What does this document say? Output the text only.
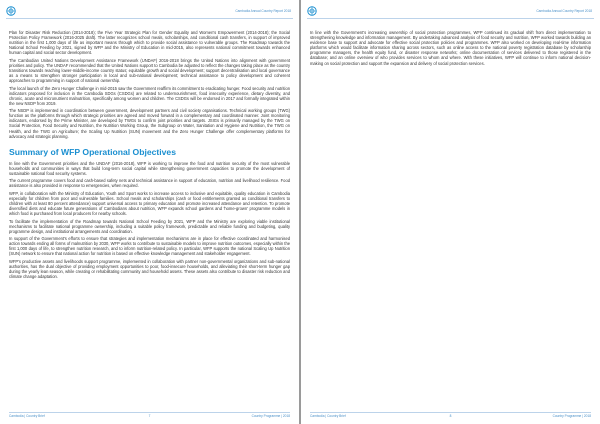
Cambodia Annual Country Report 2018

Plan for Disaster Risk Reduction (2014-2018); the Five Year Strategic Plan for Gender Equality and Women's Empowerment (2014-2018); the Social Protection Policy Framework (2016-2025 draft). The latter recognizes school meals, scholarships, and conditional cash transfers, in support of improved nutrition in the first 1,000 days of life as important means through which to provide social assistance to vulnerable groups. The Roadmap towards the National School Feeding by 2021, signed by WFP and the Ministry of Education in mid-2015, also represents national commitment towards enhanced human capital and social sector development.

The Cambodian United Nations Development Assistance Framework (UNDAF) 2016-2018 brings the United Nations into alignment with government priorities and policy. The UNDAF recommended that the United Nations support to Cambodia be adjusted to reflect the changes taking place as the country transitions towards reaching lower-middle-income country status; equitable growth and social development; support decentralisation and local governance as a means to strengthen stronger participation in local and sub-national development; technical assistance to policy development and coherent approaches to programming in support of national ownership.

The local launch of the Zero Hunger Challenge in mid-2015 saw the Government reaffirm its commitment to eradicating hunger. Food security and nutrition indicators proposed for inclusion in the Cambodia SDGs (CSDGs) are related to undernourishment, food insecurity experience, dietary diversity, and chronic, acute and micronutrient malnutrition, specifically among women and children. The CSDGs will be endorsed in 2017 and formally integrated within the new NSDP from 2019.

The NSDP is implemented in coordination between government, development partners and civil society organisations. Technical working groups (TWG) function as the platforms through which strategic priorities are agreed and moved forward in a complementary and coordinated manner. Joint monitoring indicators, endorsed by the Prime Minister, are developed by TWGs to confirm joint priorities and targets. JSIGs is primarily managed by the TWG on Social Protection, Food Security and Nutrition, the Nutrition Working Group, the Subgroup on Water, Sanitation and Hygiene and Nutrition, the TWG on Health, and the TWG on Agriculture; the Scaling Up Nutrition (SUN) movement and the Zero Hunger Challenge offer complementary platforms for advocacy and strategic planning.

Summary of WFP Operational Objectives

In line with the Government priorities and the UNDAF (2016-2018), WFP is working to improve the food and nutrition security of the most vulnerable households and communities in ways that build long-term social capital while strengthening government capacities to promote the development of sustainable national food security systems.

The current programme covers food and cash-based safety nets and technical assistance in support of education, nutrition and livelihood resilience. Food assistance is also provided in response to emergencies, when required.

WFP, in collaboration with the Ministry of Education, Youth and Sport works to increase access to inclusive and equitable, quality education in Cambodia especially for children from poor and vulnerable families. School meals and scholarships (cash or food entitlements granted as conditional transfers to children with at least 80 percent attendance) support universal access to primary education and promote increased attendance and retention. To promote diversified diets and educate future generations of Cambodians about nutrition, WFP expands school gardens and 'home-grown' programme models in which food is purchased from local producers for nearby schools.

To facilitate the implementation of the Roadmap towards National School Feeding by 2021, WFP and the Ministry are exploring viable institutional mechanisms to facilitate national programme ownership, including a suitable policy framework, predictable and reliable funding and budgeting, quality programme design, and institutional arrangements and coordination.

In support of the Government's efforts to ensure that strategies and implementation mechanisms are in place for effective coordinated and harmonised action towards ending all forms of malnutrition by 2030, WFP works to contribute to sustainable models to improve nutrition outcomes, especially within the first 1,000 days of life, to strengthen nutrition research, and to inform nutrition-related policy. In particular, WFP supports the national Scaling Up Nutrition (SUN) network to ensure that national action for nutrition is based on effective knowledge management and stakeholder engagement.

WFP's productive assets and livelihoods support programme, implemented in collaboration with partner non-governmental organizations and sub-national authorities, has the dual objective of providing employment opportunities to poor, food-insecure households, and alleviating their short-term hunger gap during the yearly lean season, while creating or rehabilitating community and household assets. These assets also contribute to disaster risk reduction and climate change adaptation.

Cambodia | Country Brief	7	Country Programme | 2018
Cambodia Annual Country Report 2018

In line with the Government's increasing ownership of social protection programmes, WFP continued its gradual shift from direct implementation to strengthening knowledge and information management. By undertaking advanced analysis of food security and nutrition, WFP worked towards building an evidence base to support and advocate for effective social protection policies and programmes. WFP also worked on developing real-time information platforms which would facilitate information sharing across sectors, such as online access to the national poverty registration database by scholarship programme managers, the health equity fund, or disaster response networks; online documentation of services delivered to those registered in the database; and an online overview of who provides services to whom and where. With these initiatives, WFP will continue to inform national decision-making on social protection and support the expansion and delivery of social protection services.

Cambodia | Country Brief	8	Country Programme | 2018
